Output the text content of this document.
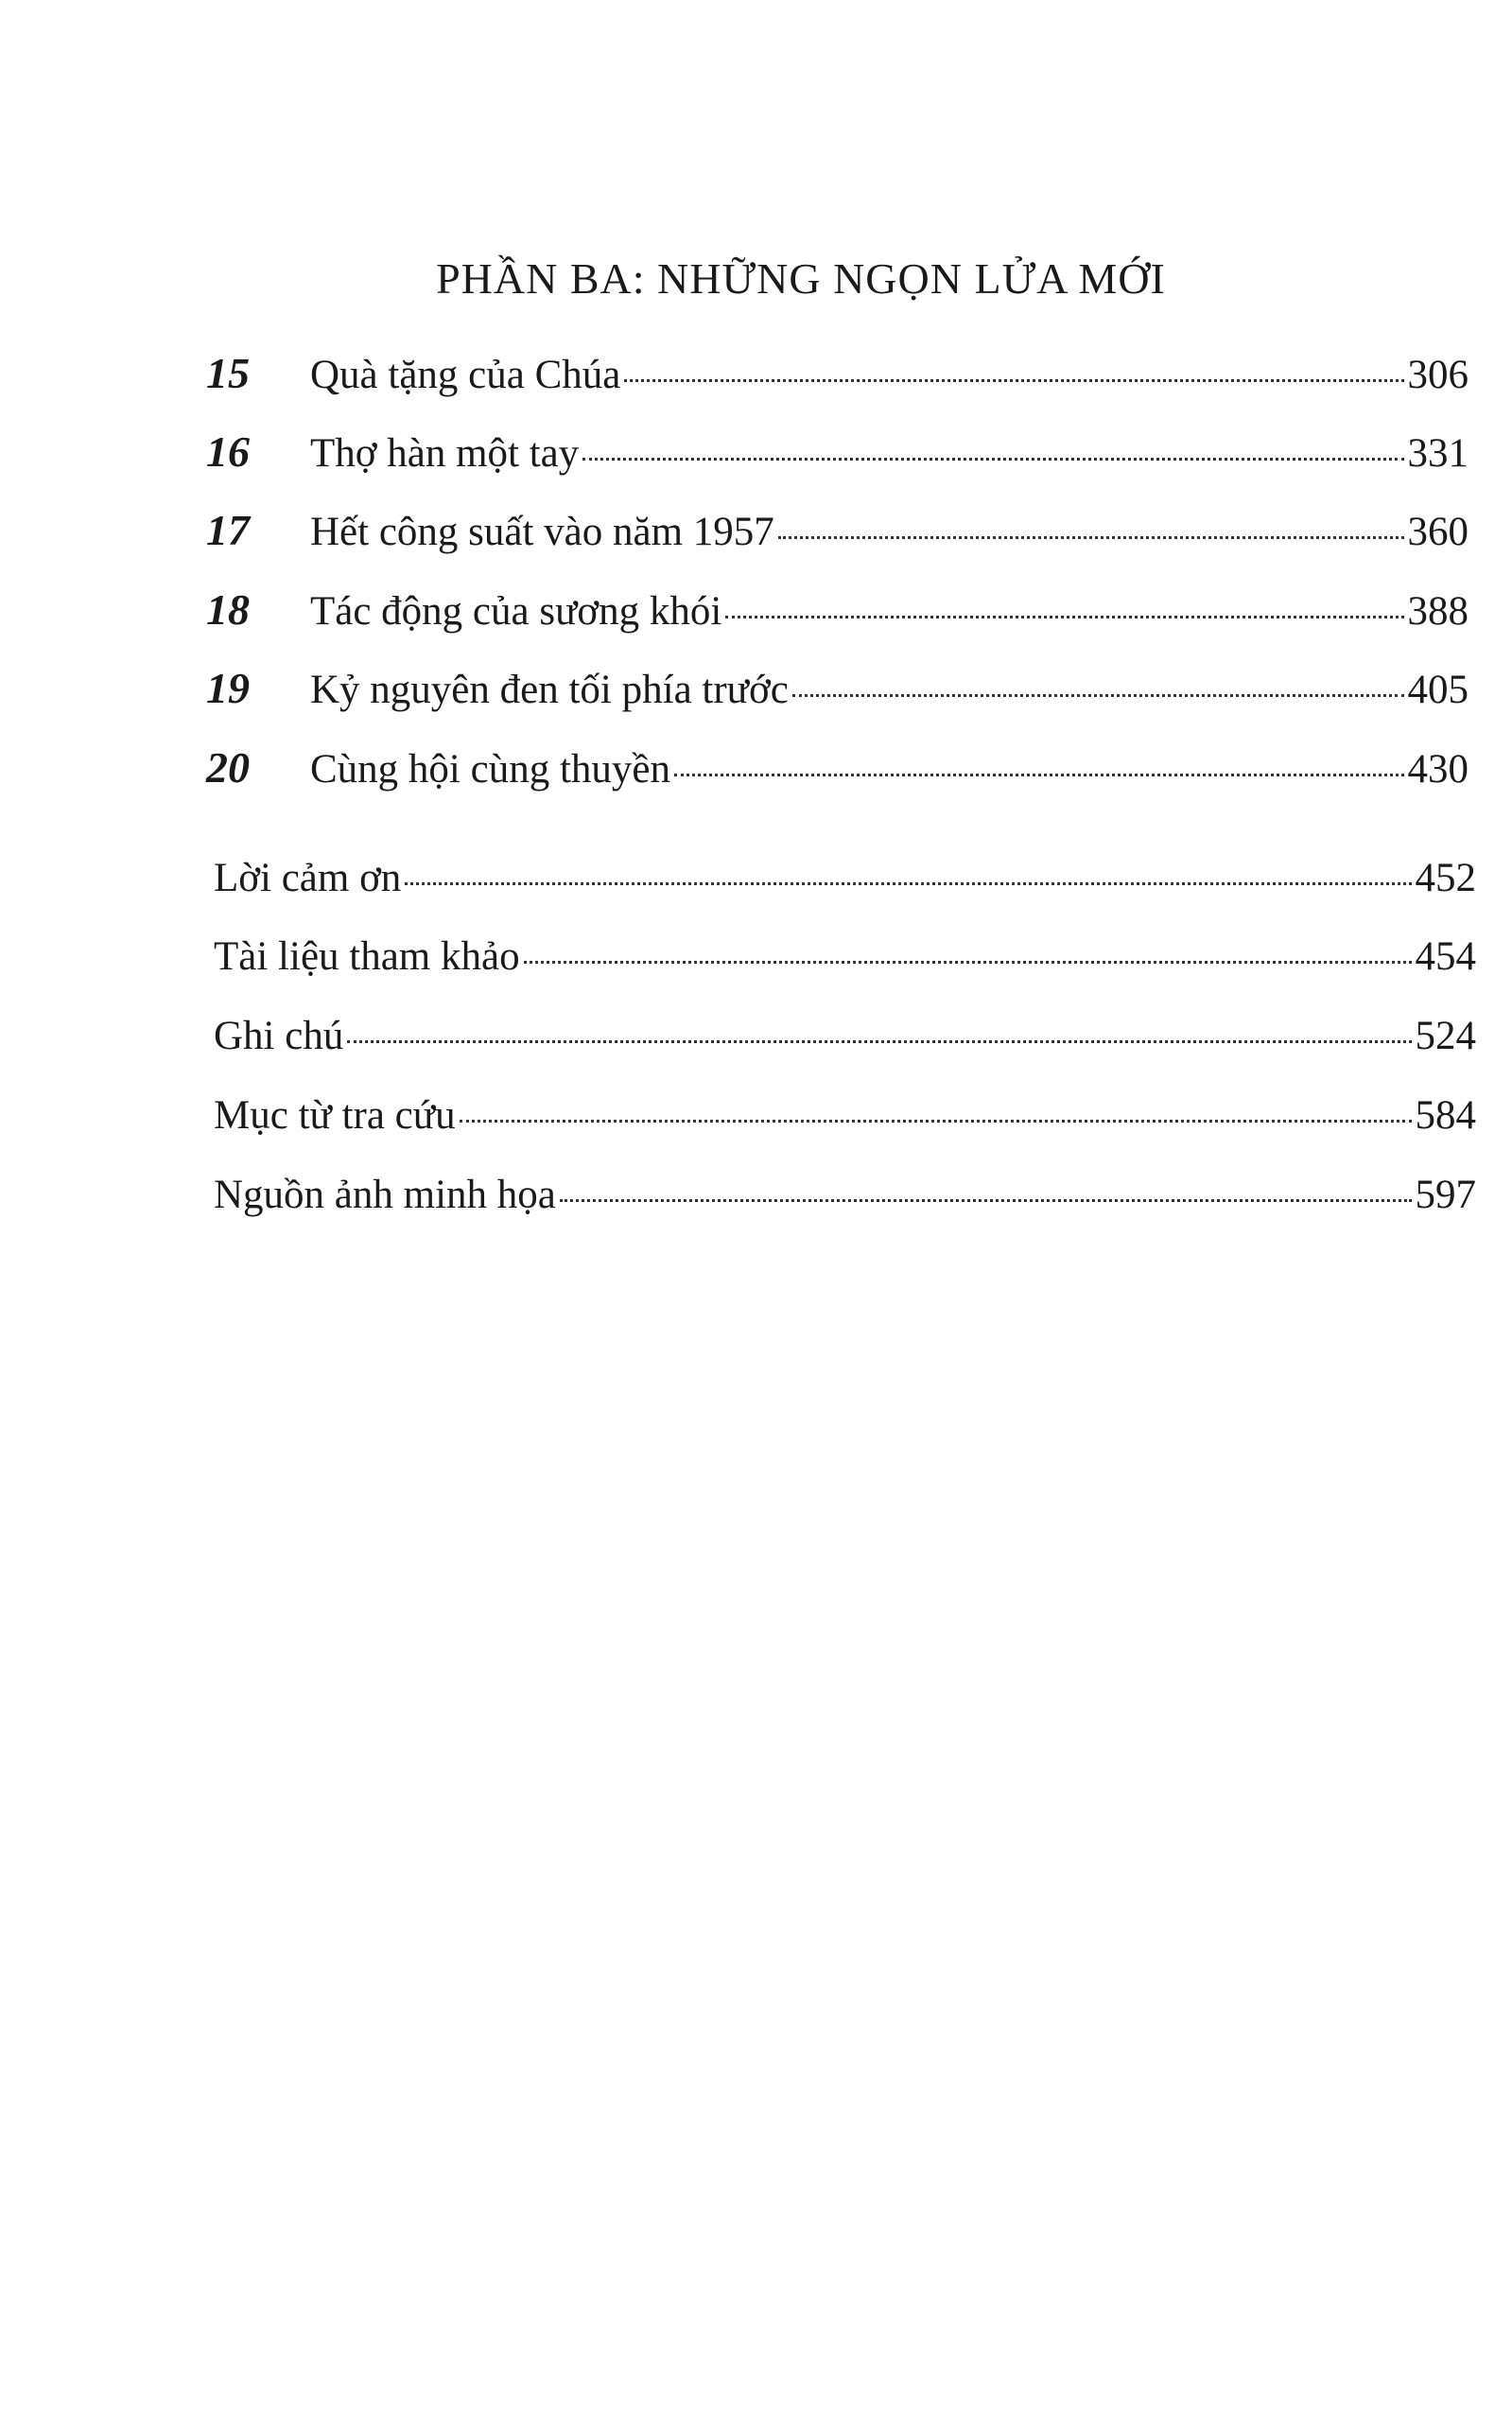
PHẦN BA: NHỮNG NGỌN LỬA MỚI
15	Quà tặng của Chúa	306
16	Thợ hàn một tay	331
17	Hết công suất vào năm 1957	360
18	Tác động của sương khói	388
19	Kỷ nguyên đen tối phía trước	405
20	Cùng hội cùng thuyền	430
Lời cảm ơn	452
Tài liệu tham khảo	454
Ghi chú	524
Mục từ tra cứu	584
Nguồn ảnh minh họa	597
